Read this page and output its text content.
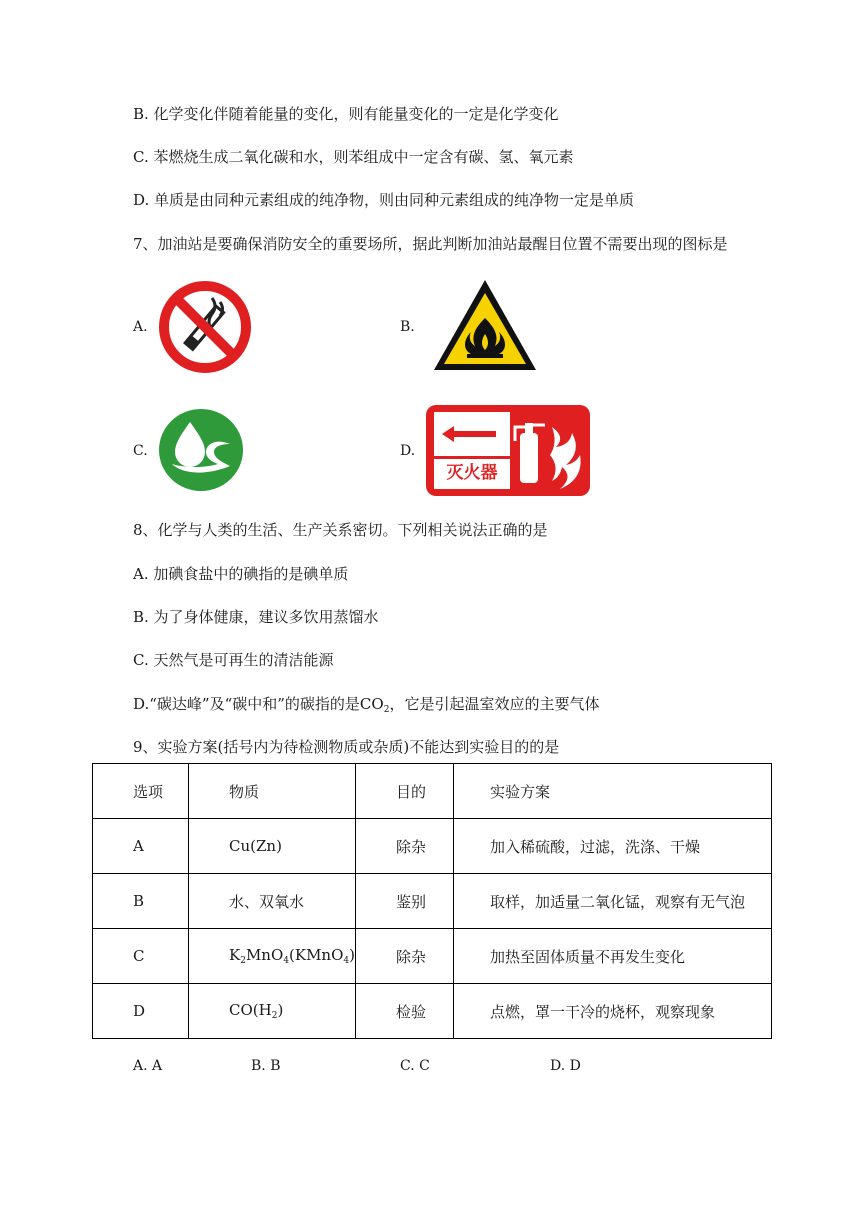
B. 化学变化伴随着能量的变化，则有能量变化的一定是化学变化
C. 苯燃烧生成二氧化碳和水，则苯组成中一定含有碳、氢、氧元素
D. 单质是由同种元素组成的纯净物，则由同种元素组成的纯净物一定是单质
7、加油站是要确保消防安全的重要场所，据此判断加油站最醒目位置不需要出现的图标是
A.	B.
C.	D.
灭火器
8、化学与人类的生活、生产关系密切。下列相关说法正确的是
A. 加碘食盐中的碘指的是碘单质
B. 为了身体健康，建议多饮用蒸馏水
C. 天然气是可再生的清洁能源
D.“碳达峰”及“碳中和”的碳指的是$CO_2$，它是引起温室效应的主要气体
9、实验方案(括号内为待检测物质或杂质)不能达到实验目的的是
选项	物质	目的	实验方案
A	Cu(Zn)	除杂	加入稀硫酸，过滤，洗涤、干燥
B	水、双氧水	鉴别	取样，加适量二氧化锰，观察有无气泡
C	$K_2MnO_4(KMnO_4)$	除杂	加热至固体质量不再发生变化
D	$CO(H_2)$	检验	点燃，罩一干冷的烧杯，观察现象
A. A	B. B	C. C	D. D
